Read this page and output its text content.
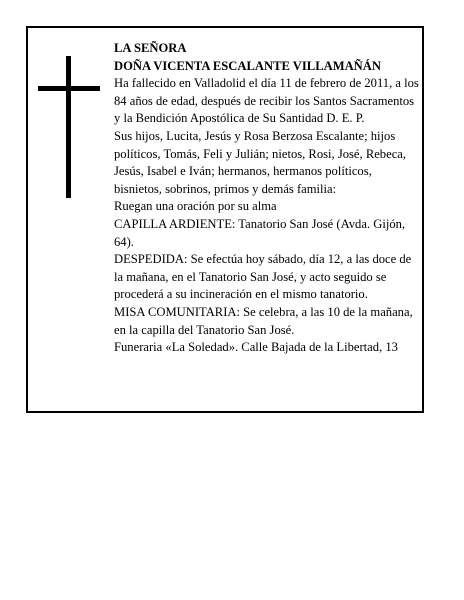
LA SEÑORA

DOÑA VICENTA ESCALANTE VILLAMAÑÁN

Ha fallecido en Valladolid el día 11 de febrero de 2011, a los 84 años de edad, después de recibir los Santos Sacramentos y la Bendición Apostólica de Su Santidad D. E. P.

Sus hijos, Lucita, Jesús y Rosa Berzosa Escalante; hijos políticos, Tomás, Feli y Julián; nietos, Rosi, José, Rebeca, Jesús, Isabel e Iván; hermanos, hermanos políticos, bisnietos, sobrinos, primos y demás familia:

Ruegan una oración por su alma

CAPILLA ARDIENTE: Tanatorio San José (Avda. Gijón, 64).

DESPEDIDA: Se efectúa hoy sábado, día 12, a las doce de la mañana, en el Tanatorio San José, y acto seguido se procederá a su incineración en el mismo tanatorio.

MISA COMUNITARIA: Se celebra, a las 10 de la mañana, en la capilla del Tanatorio San José.

Funeraria «La Soledad». Calle Bajada de la Libertad, 13
